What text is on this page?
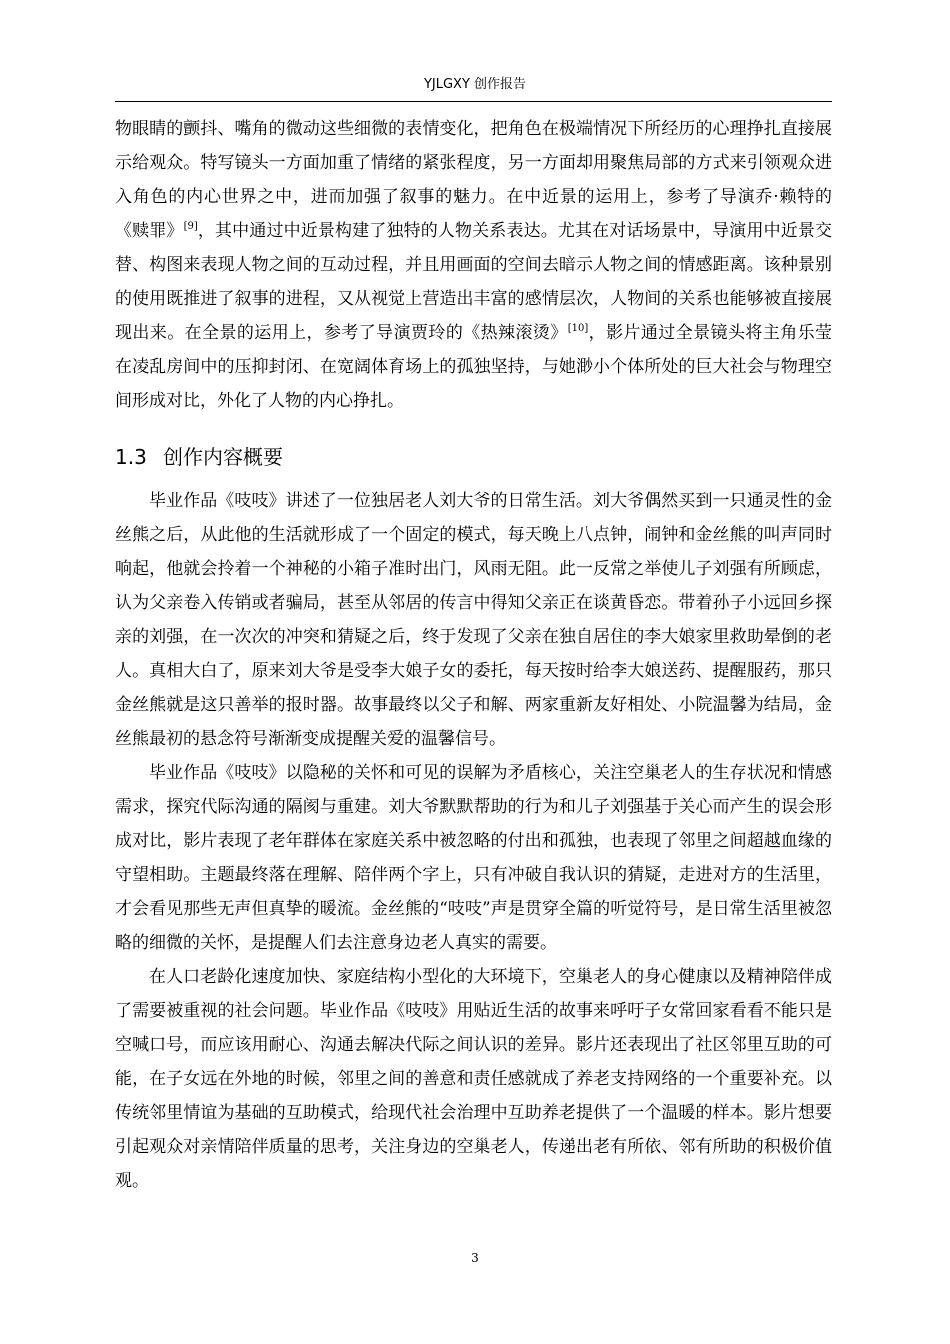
YJLGXY 创作报告

物眼睛的颤抖、嘴角的微动这些细微的表情变化，把角色在极端情况下所经历的心理挣扎直接展示给观众。特写镜头一方面加重了情绪的紧张程度，另一方面却用聚焦局部的方式来引领观众进入角色的内心世界之中，进而加强了叙事的魅力。在中近景的运用上，参考了导演乔·赖特的《赎罪》[9]，其中通过中近景构建了独特的人物关系表达。尤其在对话场景中，导演用中近景交替、构图来表现人物之间的互动过程，并且用画面的空间去暗示人物之间的情感距离。该种景别的使用既推进了叙事的进程，又从视觉上营造出丰富的感情层次，人物间的关系也能够被直接展现出来。在全景的运用上，参考了导演贾玲的《热辣滚烫》[10]，影片通过全景镜头将主角乐莹在凌乱房间中的压抑封闭、在宽阔体育场上的孤独坚持，与她渺小个体所处的巨大社会与物理空间形成对比，外化了人物的内心挣扎。

1.3 创作内容概要

毕业作品《吱吱》讲述了一位独居老人刘大爷的日常生活。刘大爷偶然买到一只通灵性的金丝熊之后，从此他的生活就形成了一个固定的模式，每天晚上八点钟，闹钟和金丝熊的叫声同时响起，他就会拎着一个神秘的小箱子准时出门，风雨无阻。此一反常之举使儿子刘强有所顾虑，认为父亲卷入传销或者骗局，甚至从邻居的传言中得知父亲正在谈黄昏恋。带着孙子小远回乡探亲的刘强，在一次次的冲突和猜疑之后，终于发现了父亲在独自居住的李大娘家里救助晕倒的老人。真相大白了，原来刘大爷是受李大娘子女的委托，每天按时给李大娘送药、提醒服药，那只金丝熊就是这只善举的报时器。故事最终以父子和解、两家重新友好相处、小院温馨为结局，金丝熊最初的悬念符号渐渐变成提醒关爱的温馨信号。

毕业作品《吱吱》以隐秘的关怀和可见的误解为矛盾核心，关注空巢老人的生存状况和情感需求，探究代际沟通的隔阂与重建。刘大爷默默帮助的行为和儿子刘强基于关心而产生的误会形成对比，影片表现了老年群体在家庭关系中被忽略的付出和孤独，也表现了邻里之间超越血缘的守望相助。主题最终落在理解、陪伴两个字上，只有冲破自我认识的猜疑，走进对方的生活里，才会看见那些无声但真挚的暖流。金丝熊的“吱吱”声是贯穿全篇的听觉符号，是日常生活里被忽略的细微的关怀，是提醒人们去注意身边老人真实的需要。

在人口老龄化速度加快、家庭结构小型化的大环境下，空巢老人的身心健康以及精神陪伴成了需要被重视的社会问题。毕业作品《吱吱》用贴近生活的故事来呼吁子女常回家看看不能只是空喊口号，而应该用耐心、沟通去解决代际之间认识的差异。影片还表现出了社区邻里互助的可能，在子女远在外地的时候，邻里之间的善意和责任感就成了养老支持网络的一个重要补充。以传统邻里情谊为基础的互助模式，给现代社会治理中互助养老提供了一个温暖的样本。影片想要引起观众对亲情陪伴质量的思考，关注身边的空巢老人，传递出老有所依、邻有所助的积极价值观。

3
